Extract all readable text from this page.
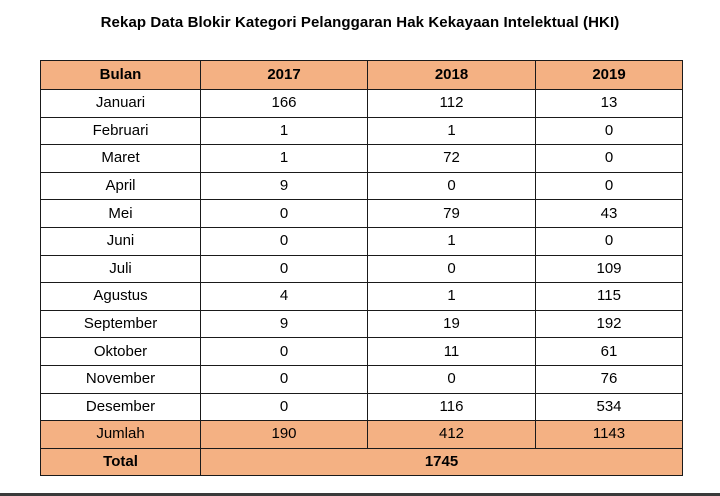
Rekap Data Blokir Kategori Pelanggaran Hak Kekayaan Intelektual (HKI)
Bulan	2017	2018	2019
Januari	166	112	13
Februari	1	1	0
Maret	1	72	0
April	9	0	0
Mei	0	79	43
Juni	0	1	0
Juli	0	0	109
Agustus	4	1	115
September	9	19	192
Oktober	0	11	61
November	0	0	76
Desember	0	116	534
Jumlah	190	412	1143
Total	1745		
